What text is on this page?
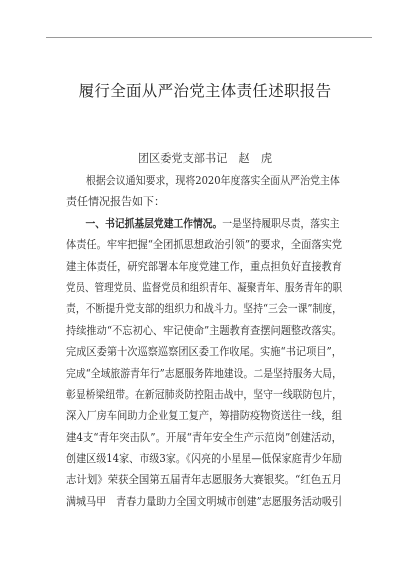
履行全面从严治党主体责任述职报告
团区委党支部书记　赵　虎
根据会议通知要求，现将2020年度落实全面从严治党主体
责任情况报告如下：
一、书记抓基层党建工作情况。一是坚持履职尽责，落实主
体责任。牢牢把握“全团抓思想政治引领”的要求，全面落实党
建主体责任，研究部署本年度党建工作，重点担负好直接教育
党员、管理党员、监督党员和组织青年、凝聚青年、服务青年的职
责，不断提升党支部的组织力和战斗力。坚持“三会一课”制度，
持续推动“不忘初心、牢记使命”主题教育查摆问题整改落实。
完成区委第十次巡察巡察团区委工作收尾。实施“书记项目”，
完成“全域旅游青年行”志愿服务阵地建设。二是坚持服务大局，
彰显桥梁纽带。在新冠肺炎防控阻击战中，坚守一线联防包片，
深入厂房车间助力企业复工复产，筹措防疫物资送往一线，组
建4支“青年突击队”。开展“青年安全生产示范岗”创建活动，
创建区级14家、市级3家。《闪亮的小星星—低保家庭青少年励
志计划》荣获全国第五届青年志愿服务大赛银奖。“红色五月
满城马甲　青春力量助力全国文明城市创建”志愿服务活动吸引
